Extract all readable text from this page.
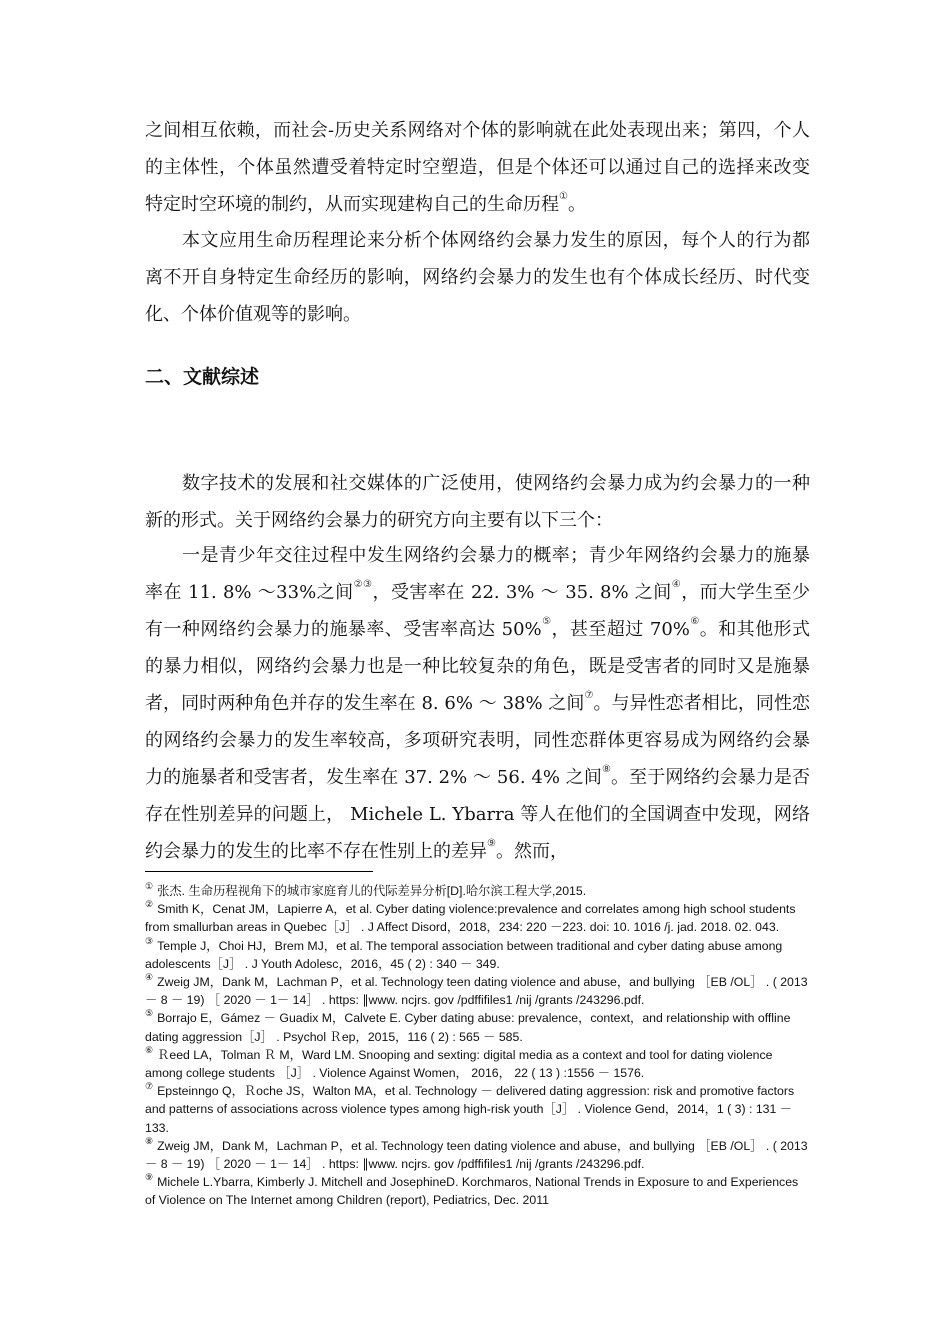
之间相互依赖，而社会-历史关系网络对个体的影响就在此处表现出来；第四，个人的主体性，个体虽然遭受着特定时空塑造，但是个体还可以通过自己的选择来改变特定时空环境的制约，从而实现建构自己的生命历程①。

本文应用生命历程理论来分析个体网络约会暴力发生的原因，每个人的行为都离不开自身特定生命经历的影响，网络约会暴力的发生也有个体成长经历、时代变化、个体价值观等的影响。

二、文献综述

数字技术的发展和社交媒体的广泛使用，使网络约会暴力成为约会暴力的一种新的形式。关于网络约会暴力的研究方向主要有以下三个：

一是青少年交往过程中发生网络约会暴力的概率；青少年网络约会暴力的施暴率在 11. 8% ～33%之间②③，受害率在 22. 3% ～ 35. 8% 之间④，而大学生至少有一种网络约会暴力的施暴率、受害率高达 50%⑤，甚至超过 70%⑥。和其他形式的暴力相似，网络约会暴力也是一种比较复杂的角色，既是受害者的同时又是施暴者，同时两种角色并存的发生率在 8. 6% ～ 38% 之间⑦。与异性恋者相比，同性恋的网络约会暴力的发生率较高，多项研究表明，同性恋群体更容易成为网络约会暴力的施暴者和受害者，发生率在 37. 2% ～ 56. 4% 之间⑧。至于网络约会暴力是否存在性别差异的问题上， Michele L. Ybarra 等人在他们的全国调查中发现，网络约会暴力的发生的比率不存在性别上的差异⑨。然而，

① 张杰. 生命历程视角下的城市家庭育儿的代际差异分析[D].哈尔滨工程大学,2015.

② Smith K，Cenat JM，Lapierre A，et al. Cyber dating violence:prevalence and correlates among high school students from smallurban areas in Quebec［J］ . J Affect Disord，2018，234: 220 －223. doi: 10. 1016 /j. jad. 2018. 02. 043.

③ Temple J，Choi HJ，Brem MJ，et al. The temporal association between traditional and cyber dating abuse among adolescents［J］ . J Youth Adolesc，2016，45 ( 2) : 340 － 349.

④ Zweig JM，Dank M，Lachman P，et al. Technology teen dating violence and abuse，and bullying ［EB /OL］ . ( 2013 － 8 － 19) ［ 2020 － 1－ 14］ . https: ∥www. ncjrs. gov /pdffifiles1 /nij /grants /243296.pdf.

⑤ Borrajo E，Gámez － Guadix M，Calvete E. Cyber dating abuse: prevalence，context，and relationship with offline dating aggression［J］ . Psychol Ｒep，2015，116 ( 2) : 565 － 585.

⑥ Ｒeed LA，Tolman Ｒ M，Ward LM. Snooping and sexting: digital media as a context and tool for dating violence among college students ［J］ . Violence Against Women， 2016， 22 ( 13 ) :1556 － 1576.

⑦ Epsteinngo Q，Ｒoche JS，Walton MA，et al. Technology － delivered dating aggression: risk and promotive factors and patterns of associations across violence types among high-risk youth［J］ . Violence Gend，2014，1 ( 3) : 131 － 133.

⑧ Zweig JM，Dank M，Lachman P，et al. Technology teen dating violence and abuse，and bullying ［EB /OL］ . ( 2013 － 8 － 19) ［ 2020 － 1－ 14］ . https: ∥www. ncjrs. gov /pdffifiles1 /nij /grants /243296.pdf.

⑨ Michele L.Ybarra, Kimberly J. Mitchell and JosephineD. Korchmaros, National Trends in Exposure to and Experiences of Violence on The Internet among Children (report), Pediatrics, Dec. 2011
